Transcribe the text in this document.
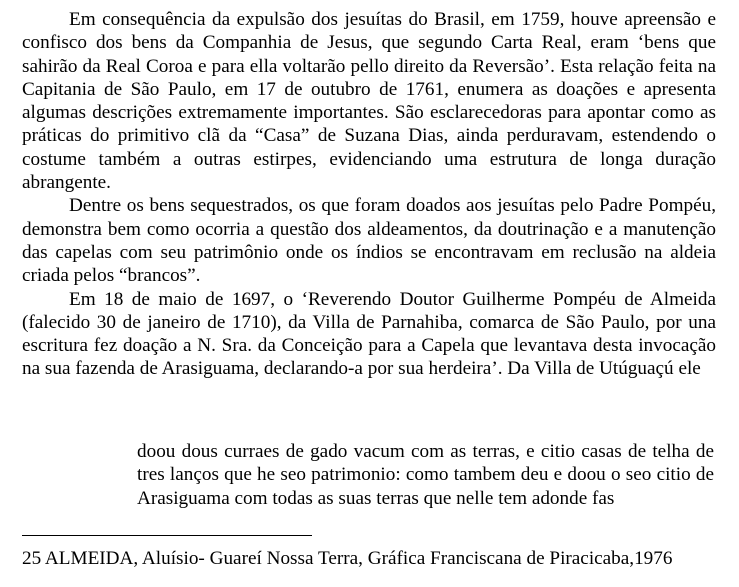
Em consequência da expulsão dos jesuítas do Brasil, em 1759, houve apreensão e confisco dos bens da Companhia de Jesus, que segundo Carta Real, eram ‘bens que sahirão da Real Coroa e para ella voltarão pello direito da Reversão’. Esta relação feita na Capitania de São Paulo, em 17 de outubro de 1761, enumera as doações e apresenta algumas descrições extremamente importantes. São esclarecedoras para apontar como as práticas do primitivo clã da “Casa” de Suzana Dias, ainda perduravam, estendendo o costume também a outras estirpes, evidenciando uma estrutura de longa duração abrangente.

Dentre os bens sequestrados, os que foram doados aos jesuítas pelo Padre Pompéu, demonstra bem como ocorria a questão dos aldeamentos, da doutrinação e a manutenção das capelas com seu patrimônio onde os índios se encontravam em reclusão na aldeia criada pelos “brancos”.

Em 18 de maio de 1697, o ‘Reverendo Doutor Guilherme Pompéu de Almeida (falecido 30 de janeiro de 1710), da Villa de Parnahiba, comarca de São Paulo, por una escritura fez doação a N. Sra. da Conceição para a Capela que levantava desta invocação na sua fazenda de Arasiguama, declarando-a por sua herdeira’. Da Villa de Utúguaçú ele

doou dous curraes de gado vacum com as terras, e citio casas de telha de tres lanços que he seo patrimonio: como tambem deu e doou o seo citio de Arasiguama com todas as suas terras que nelle tem adonde fas

25 ALMEIDA, Aluísio- Guareí Nossa Terra, Gráfica Franciscana de Piracicaba,1976
